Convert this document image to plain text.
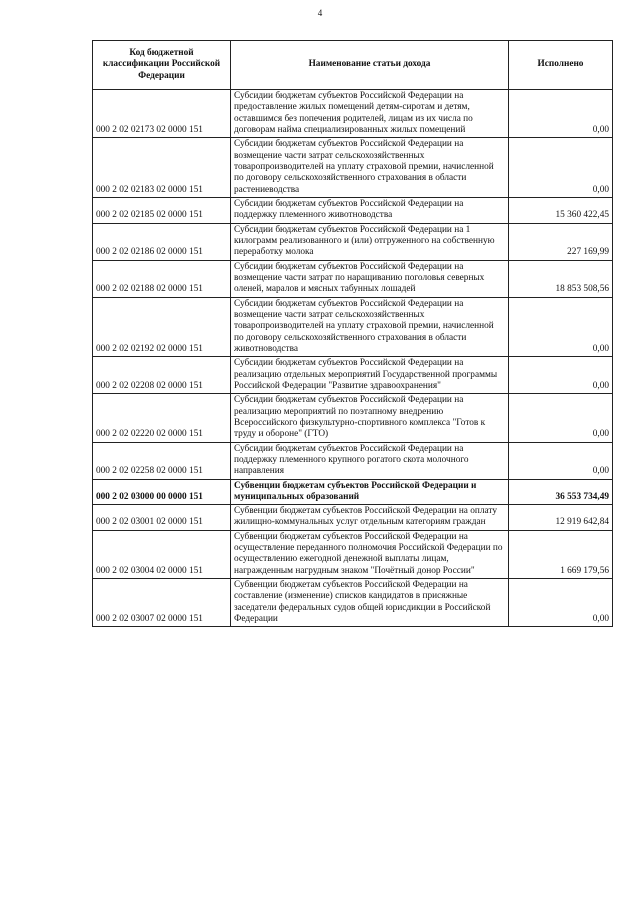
4
Код бюджетной классификации Российской Федерации	Наименование статьи дохода	Исполнено
000 2 02 02173 02 0000 151	Субсидии бюджетам субъектов Российской Федерации на предоставление жилых помещений детям-сиротам и детям, оставшимся без попечения родителей, лицам из их числа по договорам найма специализированных жилых помещений	0,00
000 2 02 02183 02 0000 151	Субсидии бюджетам субъектов Российской Федерации на возмещение части затрат сельскохозяйственных товаропроизводителей на уплату страховой премии, начисленной по договору сельскохозяйственного страхования в области растениеводства	0,00
000 2 02 02185 02 0000 151	Субсидии бюджетам субъектов Российской Федерации на поддержку племенного животноводства	15 360 422,45
000 2 02 02186 02 0000 151	Субсидии бюджетам субъектов Российской Федерации на 1 килограмм реализованного и (или) отгруженного на собственную переработку молока	227 169,99
000 2 02 02188 02 0000 151	Субсидии бюджетам субъектов Российской Федерации на возмещение части затрат по наращиванию поголовья северных оленей, маралов и мясных табунных лошадей	18 853 508,56
000 2 02 02192 02 0000 151	Субсидии бюджетам субъектов Российской Федерации на возмещение части затрат сельскохозяйственных товаропроизводителей на уплату страховой премии, начисленной по договору сельскохозяйственного страхования в области животноводства	0,00
000 2 02 02208 02 0000 151	Субсидии бюджетам субъектов Российской Федерации на реализацию отдельных мероприятий Государственной программы Российской Федерации "Развитие здравоохранения"	0,00
000 2 02 02220 02 0000 151	Субсидии бюджетам субъектов Российской Федерации на реализацию мероприятий по поэтапному внедрению Всероссийского физкультурно-спортивного комплекса "Готов к труду и обороне" (ГТО)	0,00
000 2 02 02258 02 0000 151	Субсидии бюджетам субъектов Российской Федерации на поддержку племенного крупного рогатого скота молочного направления	0,00
000 2 02 03000 00 0000 151	Субвенции бюджетам субъектов Российской Федерации и муниципальных образований	36 553 734,49
000 2 02 03001 02 0000 151	Субвенции бюджетам субъектов Российской Федерации на оплату жилищно-коммунальных услуг отдельным категориям граждан	12 919 642,84
000 2 02 03004 02 0000 151	Субвенции бюджетам субъектов Российской Федерации на осуществление переданного полномочия Российской Федерации по осуществлению ежегодной денежной выплаты лицам, награжденным нагрудным знаком "Почётный донор России"	1 669 179,56
000 2 02 03007 02 0000 151	Субвенции бюджетам субъектов Российской Федерации на составление (изменение) списков кандидатов в присяжные заседатели федеральных судов общей юрисдикции в Российской Федерации	0,00
